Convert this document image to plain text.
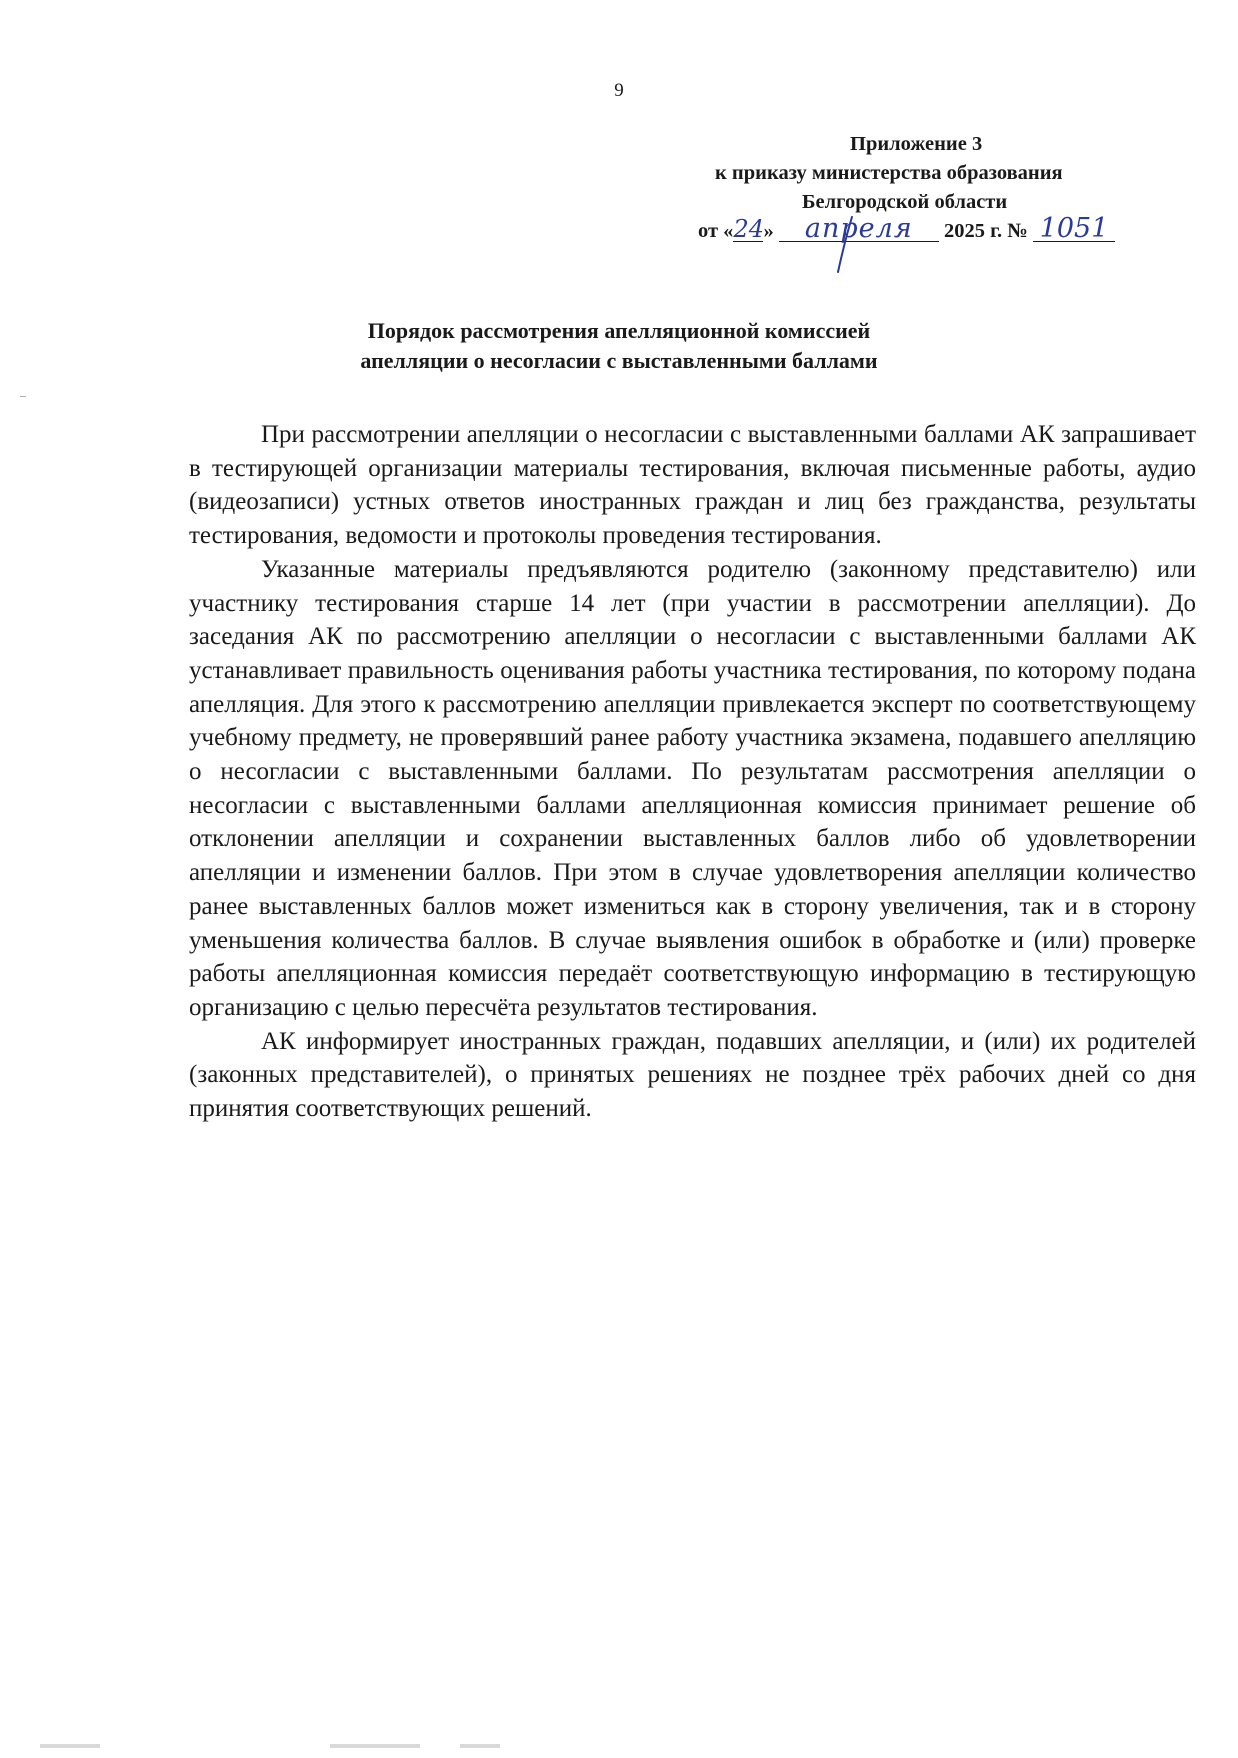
9
Приложение 3
к приказу министерства образования
Белгородской области
от «24» апреля 2025 г. № 1051
Порядок рассмотрения апелляционной комиссией
апелляции о несогласии с выставленными баллами

При рассмотрении апелляции о несогласии с выставленными баллами АК запрашивает в тестирующей организации материалы тестирования, включая письменные работы, аудио (видеозаписи) устных ответов иностранных граждан и лиц без гражданства, результаты тестирования, ведомости и протоколы проведения тестирования.

Указанные материалы предъявляются родителю (законному представителю) или участнику тестирования старше 14 лет (при участии в рассмотрении апелляции). До заседания АК по рассмотрению апелляции о несогласии с выставленными баллами АК устанавливает правильность оценивания работы участника тестирования, по которому подана апелляция. Для этого к рассмотрению апелляции привлекается эксперт по соответствующему учебному предмету, не проверявший ранее работу участника экзамена, подавшего апелляцию о несогласии с выставленными баллами. По результатам рассмотрения апелляции о несогласии с выставленными баллами апелляционная комиссия принимает решение об отклонении апелляции и сохранении выставленных баллов либо об удовлетворении апелляции и изменении баллов. При этом в случае удовлетворения апелляции количество ранее выставленных баллов может измениться как в сторону увеличения, так и в сторону уменьшения количества баллов. В случае выявления ошибок в обработке и (или) проверке работы апелляционная комиссия передаёт соответствующую информацию в тестирующую организацию с целью пересчёта результатов тестирования.

АК информирует иностранных граждан, подавших апелляции, и (или) их родителей (законных представителей), о принятых решениях не позднее трёх рабочих дней со дня принятия соответствующих решений.
